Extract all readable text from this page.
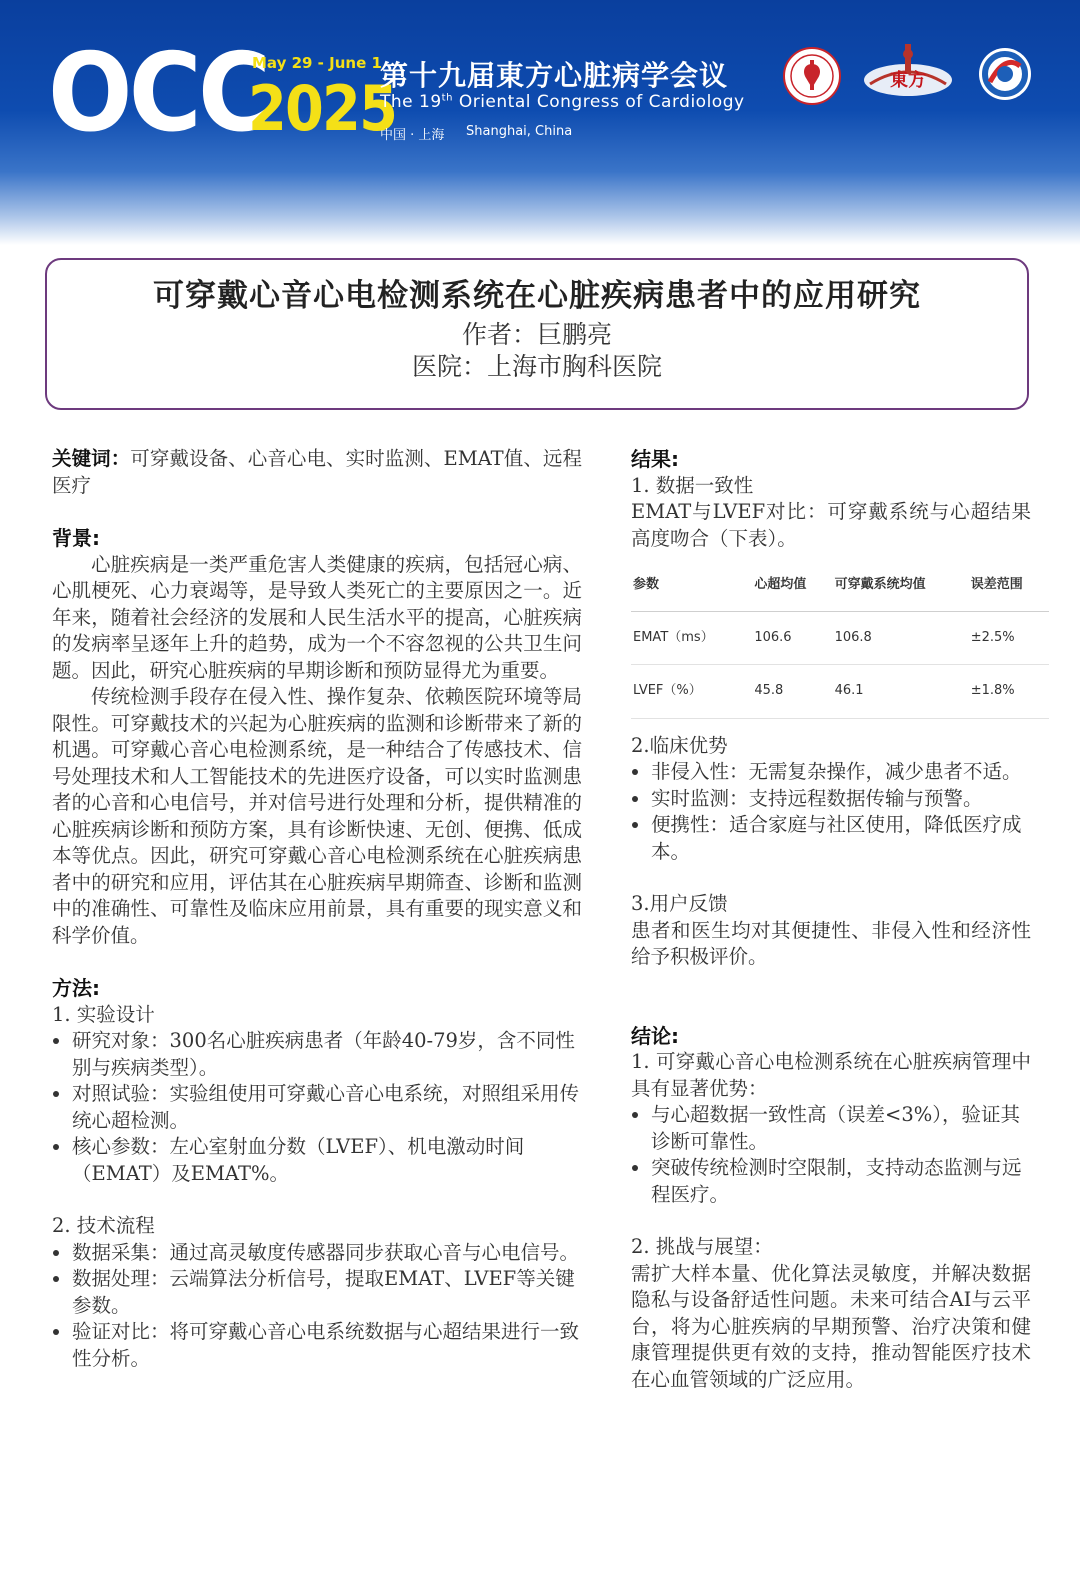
OCC
May 29 - June 1
2025
第十九届東方心脏病学会议
The 19th Oriental Congress of Cardiology
中国 · 上海 Shanghai, China
東方
可穿戴心音心电检测系统在心脏疾病患者中的应用研究
作者：巨鹏亮
医院：上海市胸科医院

关键词：可穿戴设备、心音心电、实时监测、EMAT值、远程医疗

背景:

心脏疾病是一类严重危害人类健康的疾病，包括冠心病、心肌梗死、心力衰竭等，是导致人类死亡的主要原因之一。近年来，随着社会经济的发展和人民生活水平的提高，心脏疾病的发病率呈逐年上升的趋势，成为一个不容忽视的公共卫生问题。因此，研究心脏疾病的早期诊断和预防显得尤为重要。

传统检测手段存在侵入性、操作复杂、依赖医院环境等局限性。可穿戴技术的兴起为心脏疾病的监测和诊断带来了新的机遇。可穿戴心音心电检测系统，是一种结合了传感技术、信号处理技术和人工智能技术的先进医疗设备，可以实时监测患者的心音和心电信号，并对信号进行处理和分析，提供精准的心脏疾病诊断和预防方案，具有诊断快速、无创、便携、低成本等优点。因此，研究可穿戴心音心电检测系统在心脏疾病患者中的研究和应用，评估其在心脏疾病早期筛查、诊断和监测中的准确性、可靠性及临床应用前景，具有重要的现实意义和科学价值。

方法:
1. 实验设计
• 研究对象：300名心脏疾病患者（年龄40-79岁，含不同性别与疾病类型）。
• 对照试验：实验组使用可穿戴心音心电系统，对照组采用传统心超检测。
• 核心参数：左心室射血分数（LVEF）、机电激动时间（EMAT）及EMAT%。
2. 技术流程
• 数据采集：通过高灵敏度传感器同步获取心音与心电信号。
• 数据处理：云端算法分析信号，提取EMAT、LVEF等关键参数。
• 验证对比：将可穿戴心音心电系统数据与心超结果进行一致性分析。
结果:
1. 数据一致性

EMAT与LVEF对比：可穿戴系统与心超结果高度吻合（下表）。

参数	心超均值	可穿戴系统均值	误差范围
EMAT（ms）	106.6	106.8	±2.5%
LVEF（%）	45.8	46.1	±1.8%
2.临床优势
• 非侵入性：无需复杂操作，减少患者不适。
• 实时监测：支持远程数据传输与预警。
• 便携性：适合家庭与社区使用，降低医疗成本。
3.用户反馈

患者和医生均对其便捷性、非侵入性和经济性给予积极评价。

结论:

1. 可穿戴心音心电检测系统在心脏疾病管理中具有显著优势：

• 与心超数据一致性高（误差<3%），验证其诊断可靠性。
• 突破传统检测时空限制，支持动态监测与远程医疗。
2. 挑战与展望：

需扩大样本量、优化算法灵敏度，并解决数据隐私与设备舒适性问题。未来可结合AI与云平台，将为心脏疾病的早期预警、治疗决策和健康管理提供更有效的支持，推动智能医疗技术在心血管领域的广泛应用。
